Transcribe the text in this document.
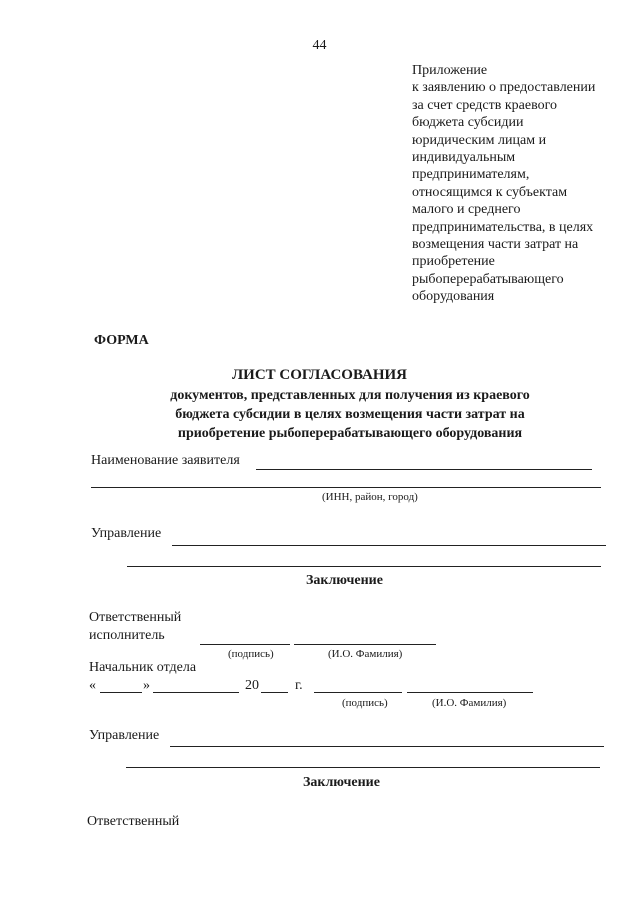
44
Приложение
к заявлению о предоставлении
за счет средств краевого
бюджета субсидии
юридическим лицам и
индивидуальным
предпринимателям,
относящимся к субъектам
малого и среднего
предпринимательства, в целях
возмещения части затрат на
приобретение
рыбоперерабатывающего
оборудования
ФОРМА
ЛИСТ СОГЛАСОВАНИЯ
документов, представленных для получения из краевого
бюджета субсидии в целях возмещения части затрат на
приобретение рыбоперерабатывающего оборудования
Наименование заявителя
(ИНН, район, город)
Управление
Заключение
Ответственный
исполнитель
(подпись)	(И.О. Фамилия)
Начальник отдела
«	»	20	г.
(подпись)	(И.О. Фамилия)
Управление
Заключение
Ответственный
